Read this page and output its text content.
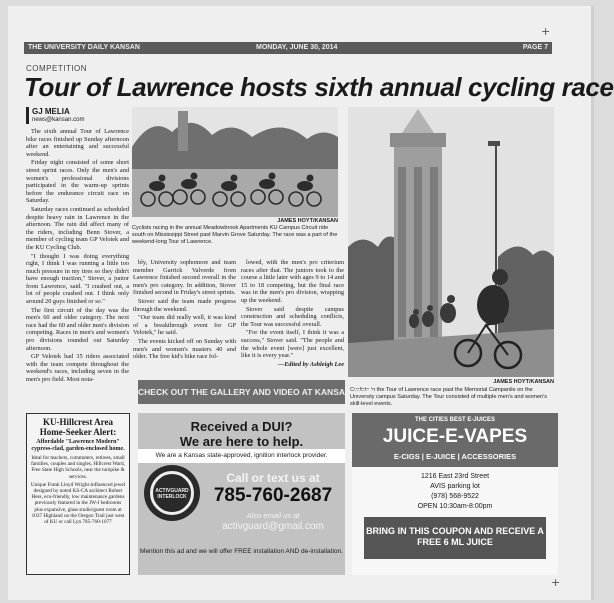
+
+
THE UNIVERSITY DAILY KANSAN	MONDAY, JUNE 30, 2014	PAGE 7
COMPETITION
Tour of Lawrence hosts sixth annual cycling race
GJ MELIA
news@kansan.com

The sixth annual Tour of Lawrence bike races finished up Sunday afternoon after an entertaining and successful weekend.

Friday night consisted of some short street sprint races. Only the men's and women's professional divisions participated in the warm-up sprints before the endurance circuit race on Saturday.

Saturday races continued as scheduled despite heavy rain in Lawrence in the afternoon. The rain did affect many of the riders, including Benn Stover, a member of cycling team GP Velotek and the KU Cycling Club.

"I thought I was doing everything right, I think I was running a little too much pressure in my tires so they didn't have enough traction," Stover, a junior from Lawrence, said. "I crashed out, a lot of people crashed out. I think only around 20 guys finished or so."

The first circuit of the day was the men's 60 and older category. The next race had the 60 and older men's division competing. Races in men's and women's pro divisions rounded out Saturday afternoon.

GP Velotek had 35 riders associated with the team compete throughout the weekend's races, including seven in the men's pro field. Most nota-

JAMES HOYT/KANSAN
Cyclists racing in the annual Meadowbrook Apartments KU Campus Circuit ride south on Mississippi Street past Marvin Grove Saturday. The race was a part of the weekend-long Tour of Lawrence.

bly, University sophomore and team member Garrick Valverde from Lawrence finished second overall in the men's pro category. In addition, Stover finished second in Friday's street sprints.

Stover said the team made progress through the weekend.

"Our team did really well, it was kind of a breakthrough event for GP Velotek," he said.

The events kicked off on Sunday with men's and women's masters 40 and older. The free kid's bike race fol-

lowed, with the men's pro criterium races after that. The juniors took to the course a little later with ages 9 to 14 and 15 to 18 competing, but the final race was in the men's pro division, wrapping up the weekend.

Stover said despite campus construction and scheduling conflicts, the Tour was successful overall.

"For the event itself, I think it was a success," Stover said. "The people and the whole event [were] just excellent, like it is every year."

—Edited by Ashleigh Lee

JAMES HOYT/KANSAN
Cyclists in the Tour of Lawrence race past the Memorial Campanile on the University campus Saturday. The Tour consisted of multiple men's and women's skill-level events.
CHECK OUT THE GALLERY AND VIDEO AT KANSAN.COM
KU-Hillcrest Area Home-Seeker Alert:
Affordable "Lawrence Modern" cypress-clad, garden-enclosed home.
Ideal for teachers, commuters, retirees, small families, couples and singles, Hillcrest Ward, Free State High Schools, near the turnpike & services.
Unique Frank Lloyd Wright-influenced jewel designed by noted KS-CA architect Robert Hess, eco-friendly, low maintenance gardens previously featured in the JW-J bedrooms plus expansive, glass studio/guest room at 1037 Highland on the Oregon Trail just west of KU or call Lyn 785-760-1077
Received a DUI?
We are here to help.
We are a Kansas state-approved, ignition interlock provider.
ACTIVGUARD INTERLOCK
Call or text us at
785-760-2687
Also email us at
activguard@gmail.com
Mention this ad and we will offer FREE installation AND de-installation.
THE CITIES BEST E-JUICES
JUICE-E-VAPES
E-CIGS | E-JUICE | ACCESSORIES
1216 East 23rd Street
AVIS parking lot
(978) 568-9522
OPEN 10:30am-8:00pm
BRING IN THIS COUPON AND RECEIVE A FREE 6 ML JUICE
